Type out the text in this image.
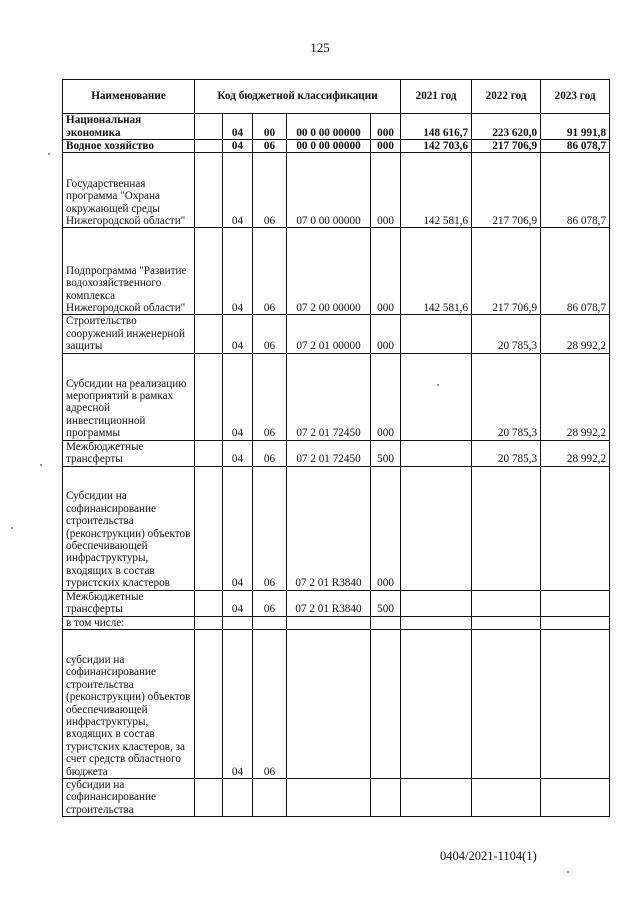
125
Наименование	Код бюджетной классификации					2021 год	2022 год	2023 год
Национальная экономика		04	00	00 0 00 00000	000	148 616,7	223 620,0	91 991,8
Водное хозяйство		04	06	00 0 00 00000	000	142 703,6	217 706,9	86 078,7
Государственная программа "Охрана окружающей среды Нижегородской области"		04	06	07 0 00 00000	000	142 581,6	217 706,9	86 078,7
Подпрограмма "Развитие водохозяйственного комплекса Нижегородской области"		04	06	07 2 00 00000	000	142 581,6	217 706,9	86 078,7
Строительство сооружений инженерной защиты		04	06	07 2 01 00000	000		20 785,3	28 992,2
Субсидии на реализацию мероприятий в рамках адресной инвестиционной программы		04	06	07 2 01 72450	000		20 785,3	28 992,2
Межбюджетные трансферты		04	06	07 2 01 72450	500		20 785,3	28 992,2
Субсидии на софинансирование строительства (реконструкции) объектов обеспечивающей инфраструктуры, входящих в состав туристских кластеров		04	06	07 2 01 R3840	000			
Межбюджетные трансферты		04	06	07 2 01 R3840	500			
в том числе:								
субсидии на софинансирование строительства (реконструкции) объектов обеспечивающей инфраструктуры, входящих в состав туристских кластеров, за счет средств областного бюджета		04	06					
субсидии на софинансирование строительства								
0404/2021-1104(1)
